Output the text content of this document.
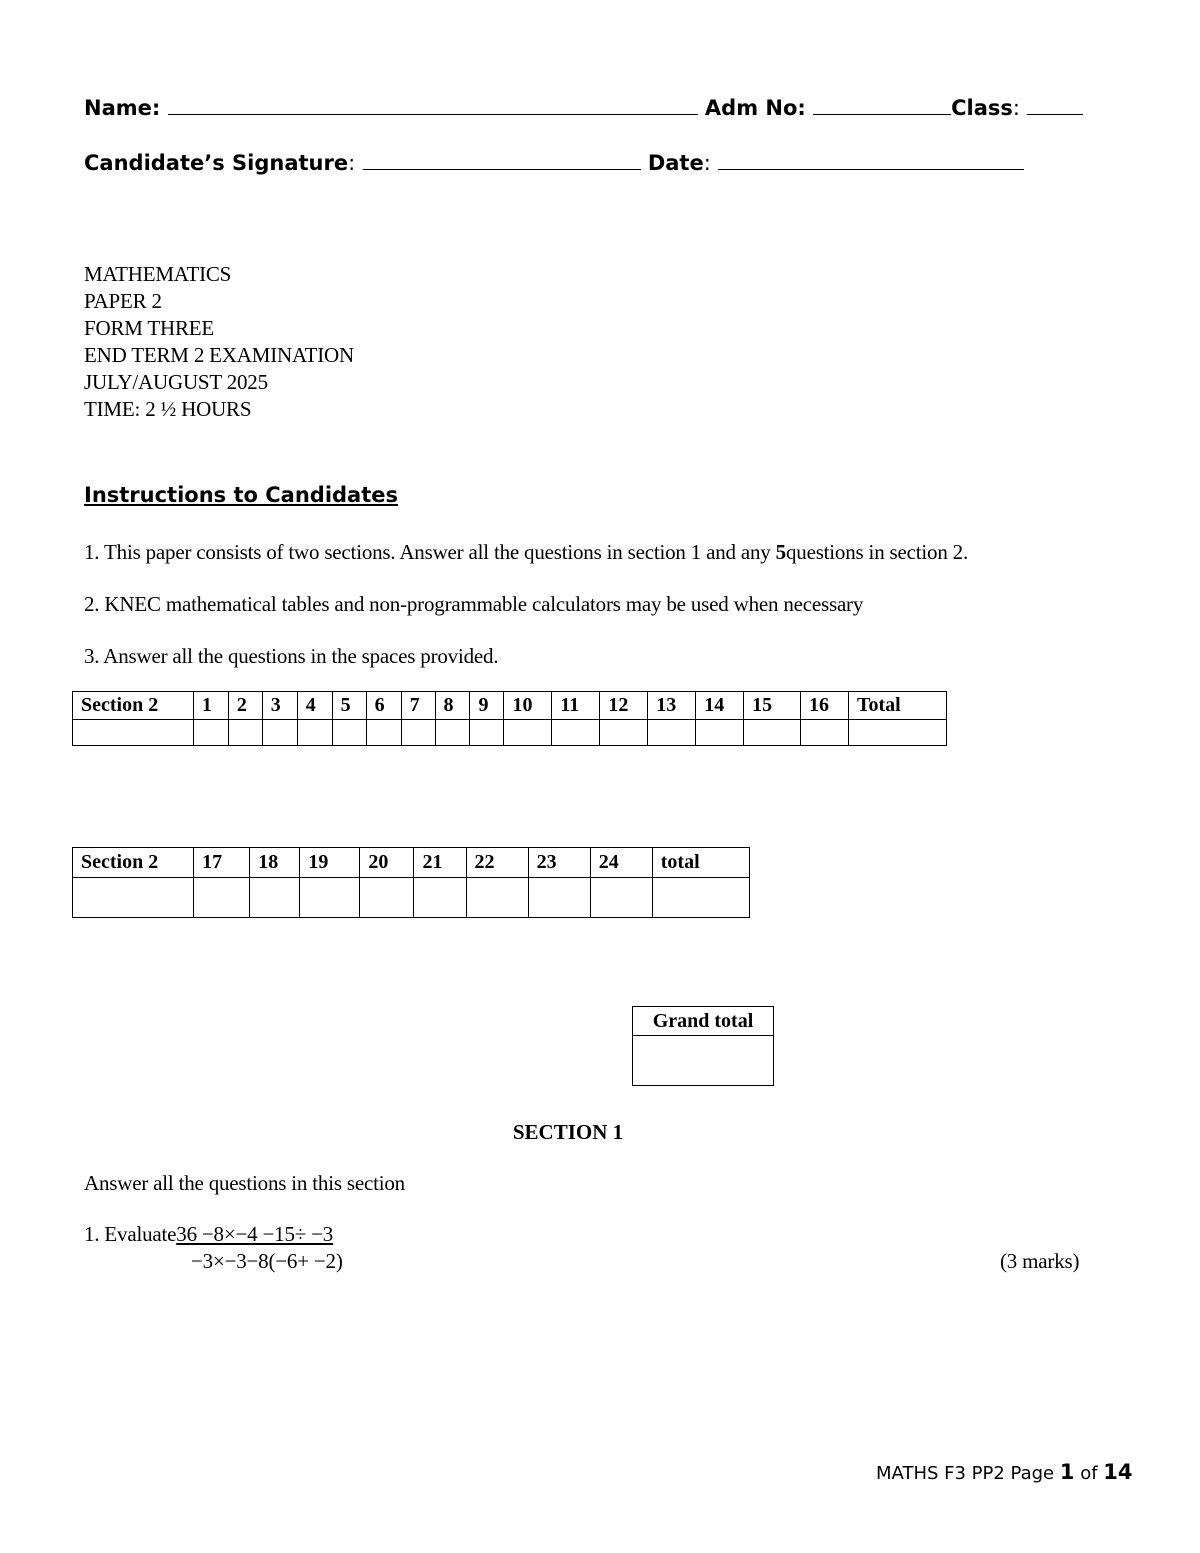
Name:	Adm No:	Class:
Candidate’s Signature:	Date:
MATHEMATICS
PAPER 2
FORM THREE
END TERM 2 EXAMINATION
JULY/AUGUST 2025
TIME: 2 ½ HOURS
Instructions to Candidates
1. This paper consists of two sections. Answer all the questions in section 1 and any 5questions in section 2.
2. KNEC mathematical tables and non-programmable calculators may be used when necessary
3. Answer all the questions in the spaces provided.
Section 2	1	2	3	4	5	6	7	8	9	10	11	12	13	14	15	16	Total

Section 2	17	18	19	20	21	22	23	24	total

Grand total

SECTION 1
Answer all the questions in this section
1. Evaluate36 −8×−4 −15÷ −3
−3×−3−8(−6+ −2)	(3 marks)
MATHS F3 PP2 Page 1 of 14
